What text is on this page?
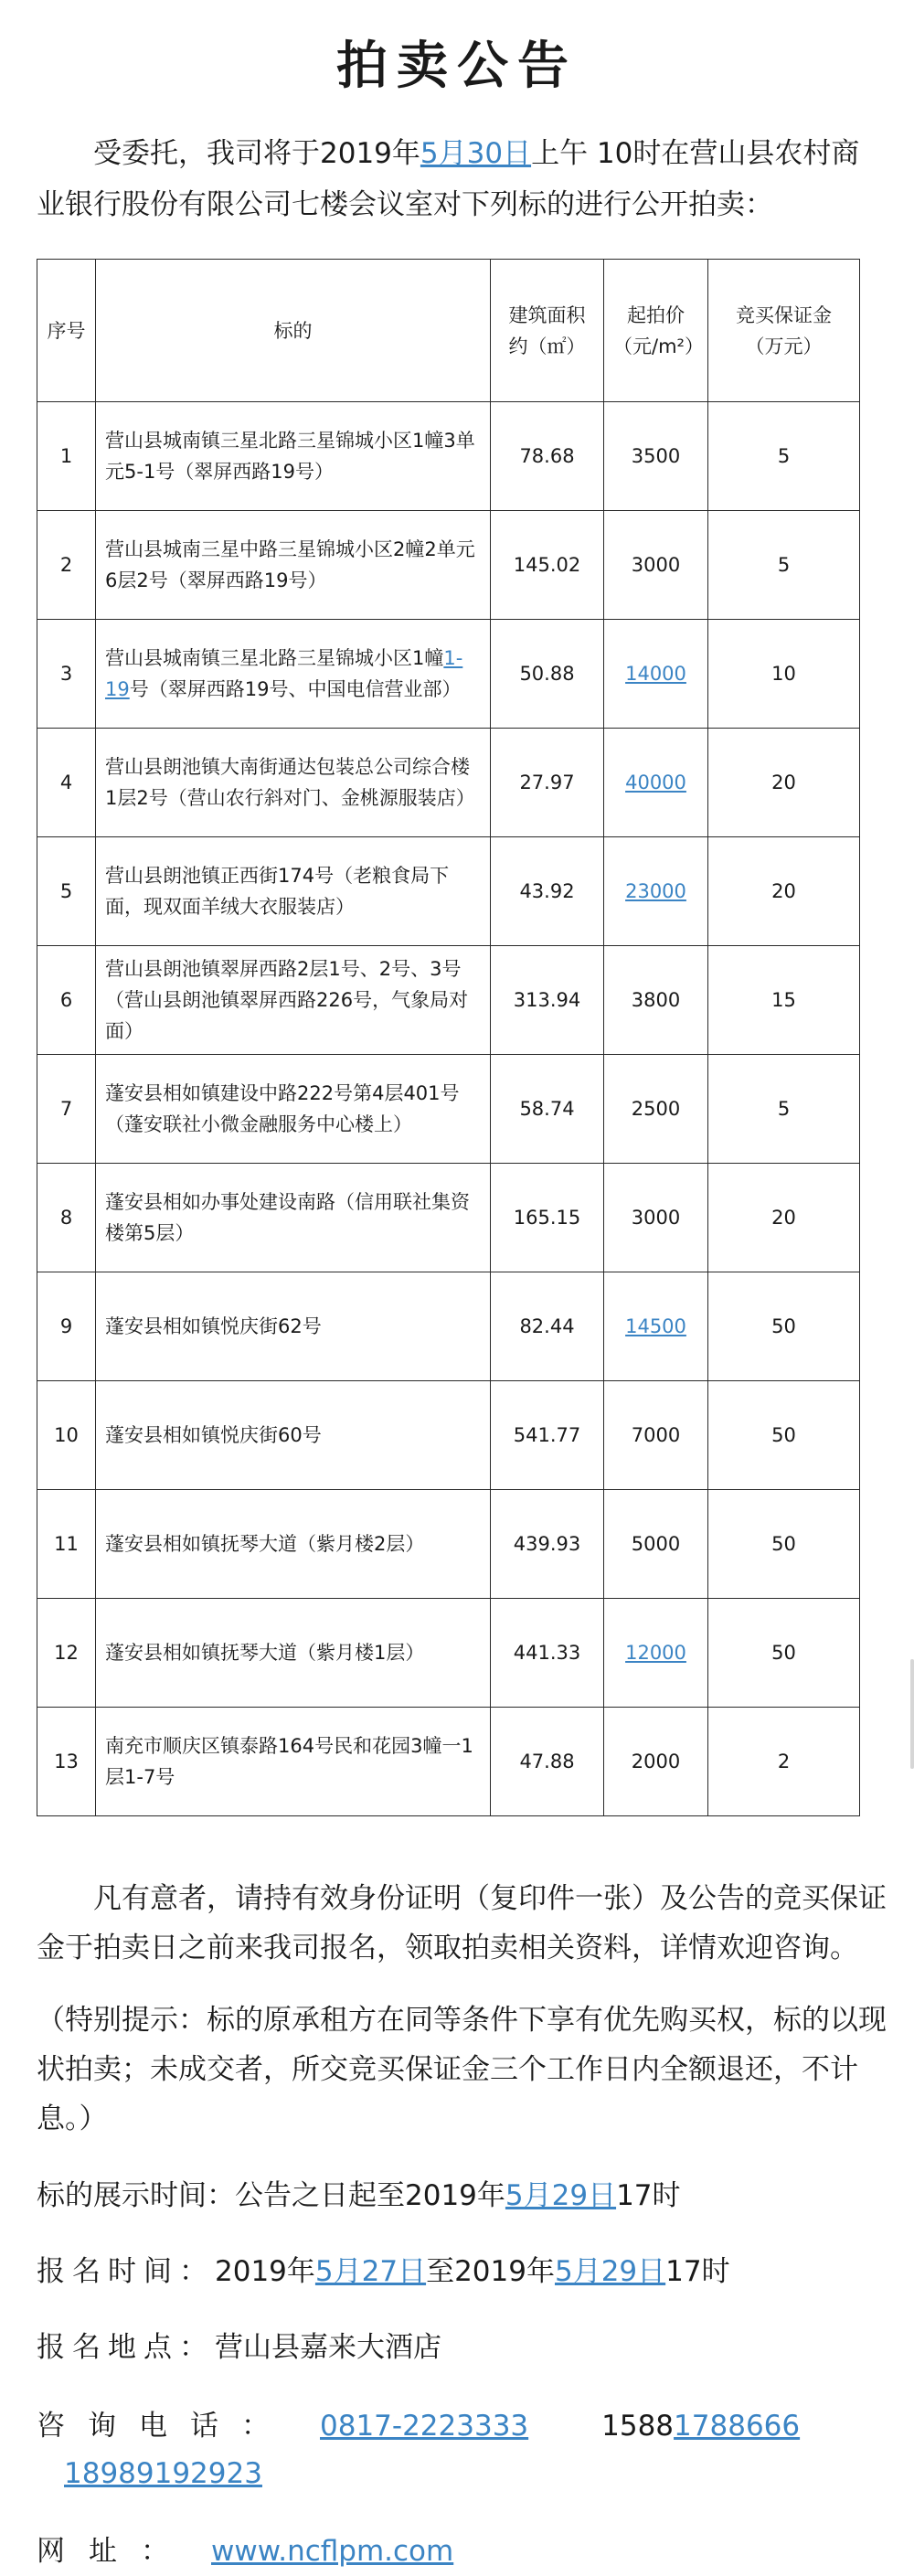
拍卖公告

受委托，我司将于2019年5月30日上午 10时在营山县农村商业银行股份有限公司七楼会议室对下列标的进行公开拍卖：

序号	标的	建筑面积约（㎡）	起拍价（元/m²）	竞买保证金 （万元）
1	营山县城南镇三星北路三星锦城小区1幢3单元5-1号（翠屏西路19号）	78.68	3500	5
2	营山县城南三星中路三星锦城小区2幢2单元6层2号（翠屏西路19号）	145.02	3000	5
3	营山县城南镇三星北路三星锦城小区1幢1-19号（翠屏西路19号、中国电信营业部）	50.88	14000	10
4	营山县朗池镇大南街通达包装总公司综合楼1层2号（营山农行斜对门、金桃源服装店）	27.97	40000	20
5	营山县朗池镇正西街174号（老粮食局下面，现双面羊绒大衣服装店）	43.92	23000	20
6	营山县朗池镇翠屏西路2层1号、2号、3号（营山县朗池镇翠屏西路226号，气象局对面）	313.94	3800	15
7	蓬安县相如镇建设中路222号第4层401号（蓬安联社小微金融服务中心楼上）	58.74	2500	5
8	蓬安县相如办事处建设南路（信用联社集资楼第5层）	165.15	3000	20
9	蓬安县相如镇悦庆街62号	82.44	14500	50
10	蓬安县相如镇悦庆街60号	541.77	7000	50
11	蓬安县相如镇抚琴大道（紫月楼2层）	439.93	5000	50
12	蓬安县相如镇抚琴大道（紫月楼1层）	441.33	12000	50
13	南充市顺庆区镇泰路164号民和花园3幢一1层1-7号	47.88	2000	2

凡有意者，请持有效身份证明（复印件一张）及公告的竞买保证金于拍卖日之前来我司报名，领取拍卖相关资料，详情欢迎咨询。

（特别提示：标的原承租方在同等条件下享有优先购买权，标的以现状拍卖；未成交者，所交竞买保证金三个工作日内全额退还，不计息。）

标的展示时间：公告之日起至2019年5月29日17时

报名时间：2019年5月27日至2019年5月29日17时

报名地点：营山县嘉来大酒店

咨询电话： 0817-2223333	15881788666
18989192923

网址： www.ncflpm.com
